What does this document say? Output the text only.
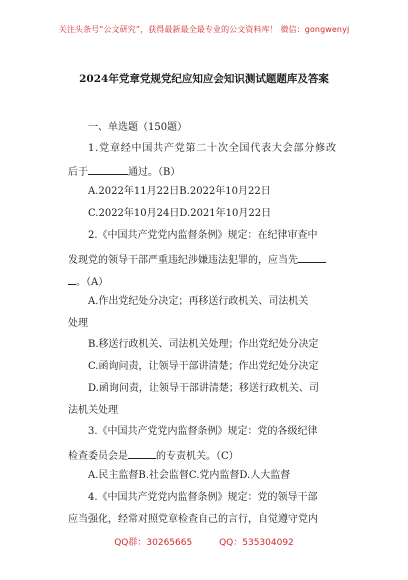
关注头条号“公文研究”，获得最新最全最专业的公文资料库！ 微信：gongwenyj
2024年党章党规党纪应知应会知识测试题题库及答案
一、单选题（150题）
1.党章经中国共产党第二十次全国代表大会部分修改
后于	通过。（B）
A.2022年11月22日B.2022年10月22日
C.2022年10月24日D.2021年10月22日
2.《中国共产党党内监督条例》规定：在纪律审查中
发现党的领导干部严重违纪涉嫌违法犯罪的，应当先
。（A）
A.作出党纪处分决定；再移送行政机关、司法机关
B.移送行政机关、司法机关处理；作出党纪处分决定
C.函询问责，让领导干部讲清楚；作出党纪处分决定
D.函询问责，让领导干部讲清楚；移送行政机关、司
法机关处理
3.《中国共产党党内监督条例》规定：党的各级纪律
检查委员会是	的专责机关。（C）
A.民主监督B.社会监督C.党内监督D.人大监督
4.《中国共产党党内监督条例》规定：党的领导干部
应当强化，经常对照党章检查自己的言行，自觉遵守党内
QQ群：30265665	QQ：535304092
处理
